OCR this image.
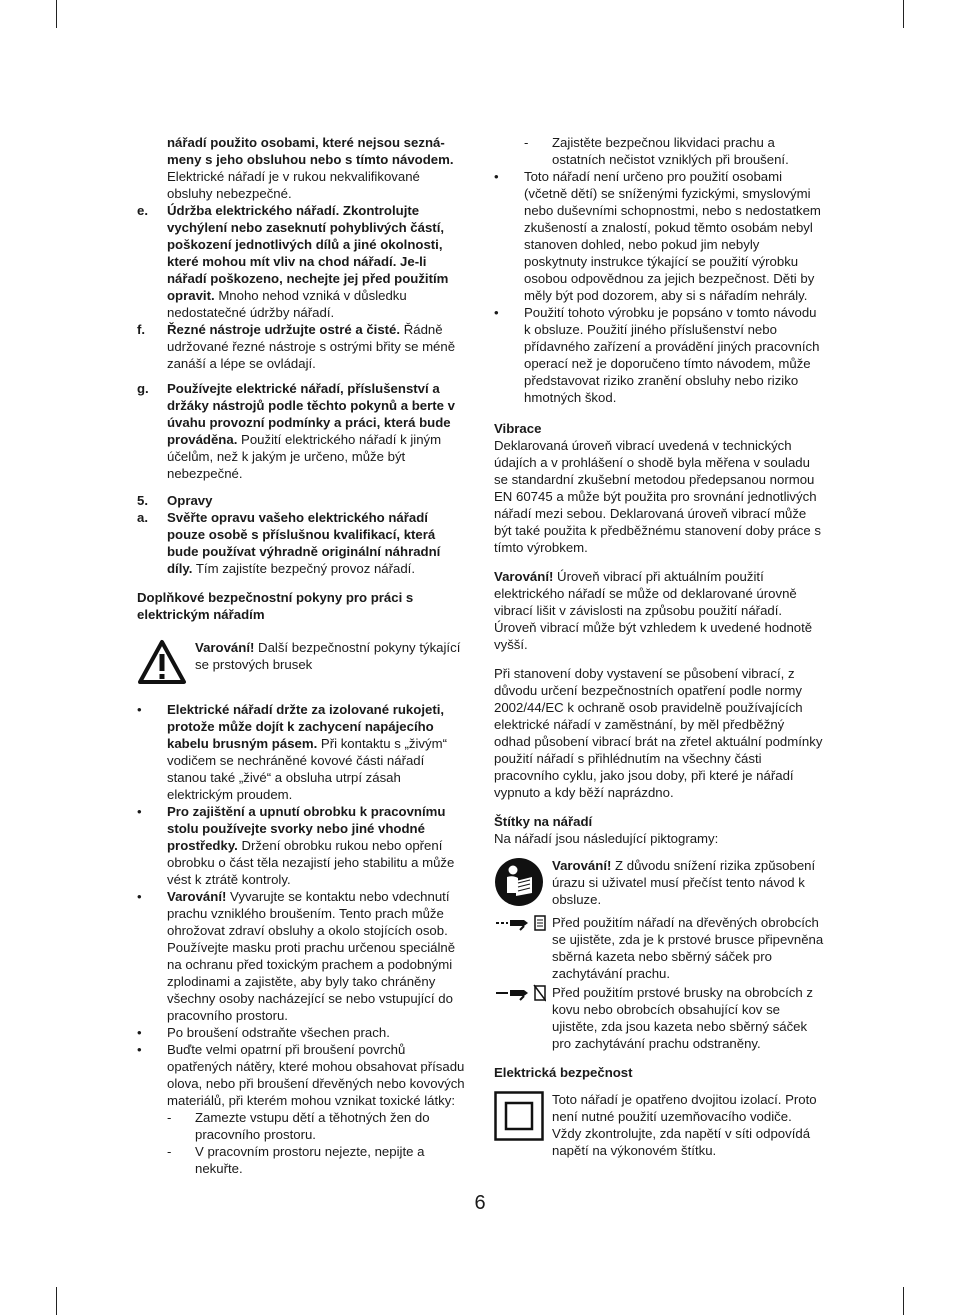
nářadí použito osobami, které nejsou sezná-meny s jeho obsluhou nebo s tímto návodem. Elektrické nářadí je v rukou nekvalifikované obsluhy nebezpečné.
e.	Údržba elektrického nářadí. Zkontrolujte vychýlení nebo zaseknutí pohyblivých částí, poškození jednotlivých dílů a jiné okolnosti, které mohou mít vliv na chod nářadí. Je-li nářadí poškozeno, nechejte jej před použitím opravit. Mnoho nehod vzniká v důsledku nedostatečné údržby nářadí.
f.	Řezné nástroje udržujte ostré a čisté. Řádně udržované řezné nástroje s ostrými břity se méně zanáší a lépe se ovládají.
g.	Používejte elektrické nářadí, příslušenství a držáky nástrojů podle těchto pokynů a berte v úvahu provozní podmínky a práci, která bude prováděna. Použití elektrického nářadí k jiným účelům, než k jakým je určeno, může být nebezpečné.
5.	Opravy
a.	Svěřte opravu vašeho elektrického nářadí pouze osobě s příslušnou kvalifikací, která bude používat výhradně originální náhradní díly. Tím zajistíte bezpečný provoz nářadí.
Doplňkové bezpečnostní pokyny pro práci s elektrickým nářadím
Varování! Další bezpečnostní pokyny týkající se prstových brusek
•	Elektrické nářadí držte za izolované rukojeti, protože může dojít k zachycení napájecího kabelu brusným pásem. Při kontaktu s „živým“ vodičem se nechráněné kovové části nářadí stanou také „živé“ a obsluha utrpí zásah elektrickým proudem.
•	Pro zajištění a upnutí obrobku k pracovnímu stolu používejte svorky nebo jiné vhodné prostředky. Držení obrobku rukou nebo opření obrobku o část těla nezajistí jeho stabilitu a může vést k ztrátě kontroly.
•	Varování! Vyvarujte se kontaktu nebo vdechnutí prachu vzniklého broušením. Tento prach může ohrožovat zdraví obsluhy a okolo stojících osob. Používejte masku proti prachu určenou speciálně na ochranu před toxickým prachem a podobnými zplodinami a zajistěte, aby byly tako chráněny všechny osoby nacházející se nebo vstupující do pracovního prostoru.
•	Po broušení odstraňte všechen prach.
•	Buďte velmi opatrní při broušení povrchů opatřených nátěry, které mohou obsahovat přísadu olova, nebo při broušení dřevěných nebo kovových materiálů, při kterém mohou vznikat toxické látky:
-	Zamezte vstupu dětí a těhotných žen do pracovního prostoru.
-	V pracovním prostoru nejezte, nepijte a nekuřte.
-	Zajistěte bezpečnou likvidaci prachu a ostatních nečistot vzniklých při broušení.
•	Toto nářadí není určeno pro použití osobami (včetně dětí) se sníženými fyzickými, smyslovými nebo duševními schopnostmi, nebo s nedostatkem zkušeností a znalostí, pokud těmto osobám nebyl stanoven dohled, nebo pokud jim nebyly poskytnuty instrukce týkající se použití výrobku osobou odpovědnou za jejich bezpečnost. Děti by měly být pod dozorem, aby si s nářadím nehrály.
•	Použití tohoto výrobku je popsáno v tomto návodu k obsluze. Použití jiného příslušenství nebo přídavného zařízení a provádění jiných pracovních operací než je doporučeno tímto návodem, může představovat riziko zranění obsluhy nebo riziko hmotných škod.
Vibrace
Deklarovaná úroveň vibrací uvedená v technických údajích a v prohlášení o shodě byla měřena v souladu se standardní zkušební metodou předepsanou normou EN 60745 a může být použita pro srovnání jednotlivých nářadí mezi sebou. Deklarovaná úroveň vibrací může být také použita k předběžnému stanovení doby práce s tímto výrobkem.
Varování! Úroveň vibrací při aktuálním použití elektrického nářadí se může od deklarované úrovně vibrací lišit v závislosti na způsobu použití nářadí. Úroveň vibrací může být vzhledem k uvedené hodnotě vyšší.
Při stanovení doby vystavení se působení vibrací, z důvodu určení bezpečnostních opatření podle normy 2002/44/EC k ochraně osob pravidelně používajících elektrické nářadí v zaměstnání, by měl předběžný odhad působení vibrací brát na zřetel aktuální podmínky použití nářadí s přihlédnutím na všechny části pracovního cyklu, jako jsou doby, při které je nářadí vypnuto a kdy běží naprázdno.
Štítky na nářadí
Na nářadí jsou následující piktogramy:
Varování! Z důvodu snížení rizika zpŭsobení úrazu si uživatel musí přečíst tento návod k obsluze.
Před použitím nářadí na dřevěných obrobcích se ujistěte, zda je k prstové brusce připevněna sběrná kazeta nebo sběrný sáček pro zachytávání prachu.
Před použitím prstové brusky na obrobcích z kovu nebo obrobcích obsahující kov se ujistěte, zda jsou kazeta nebo sběrný sáček pro zachytávání prachu odstraněny.
Elektrická bezpečnost
Toto nářadí je opatřeno dvojitou izolací. Proto není nutné použití uzemňovacího vodiče. Vždy zkontrolujte, zda napětí v síti odpovídá napětí na výkonovém štítku.
6
